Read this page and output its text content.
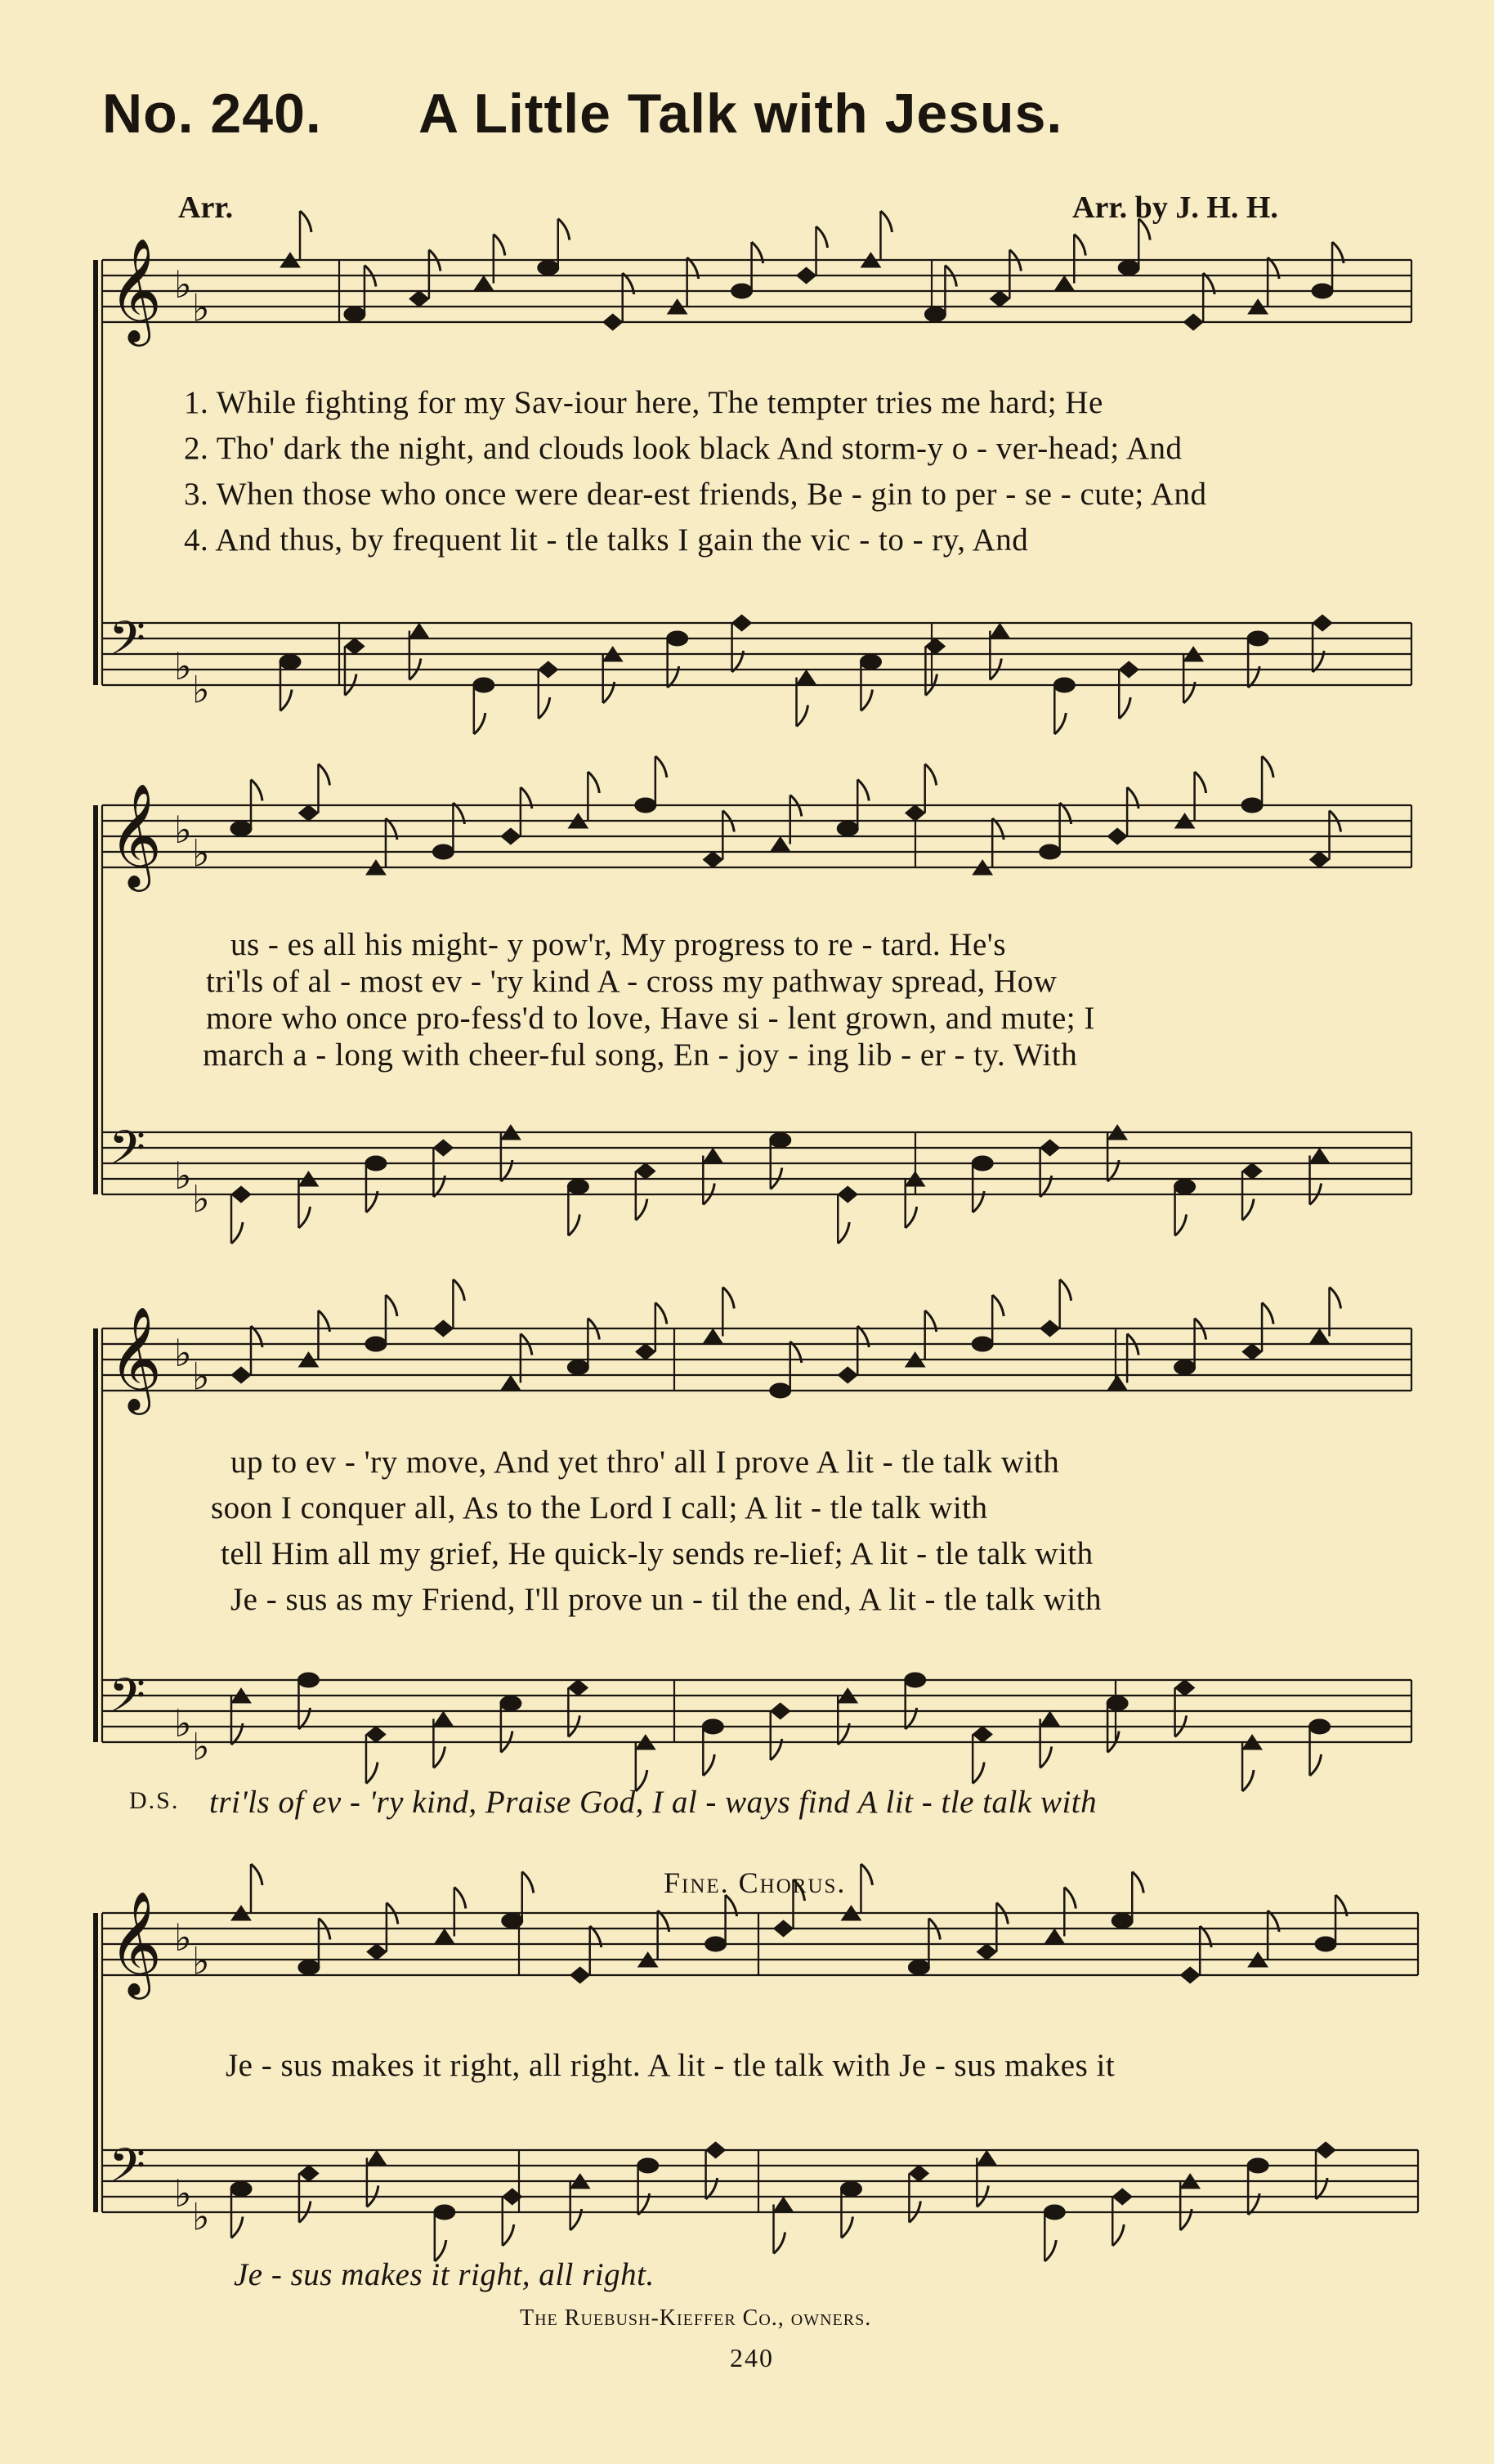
No. 240. A Little Talk with Jesus.
Arr.	Arr. by J. H. H.
𝄞 ♭
♭
𝄢 ♭
♭
𝄞 ♭
♭
𝄢 ♭
♭
𝄞 ♭
♭
𝄢 ♭
♭
𝄞 ♭
♭
𝄢 ♭
♭
1. While fighting for my Sav-iour here, The tempter tries me hard; He
2. Tho' dark the night, and clouds look black And storm-y o - ver-head; And
3. When those who once were dear-est friends, Be - gin to per - se - cute; And
4. And thus, by frequent lit - tle talks I gain the vic - to - ry, And
us - es all his might- y pow'r, My progress to re - tard. He's
tri'ls of al - most ev - 'ry kind A - cross my pathway spread, How
more who once pro-fess'd to love, Have si - lent grown, and mute; I
march a - long with cheer-ful song, En - joy - ing lib - er - ty. With
up to ev - 'ry move, And yet thro' all I prove A lit - tle talk with
soon I conquer all, As to the Lord I call; A lit - tle talk with
tell Him all my grief, He quick-ly sends re-lief; A lit - tle talk with
Je - sus as my Friend, I'll prove un - til the end, A lit - tle talk with
D.S. tri'ls of ev - 'ry kind, Praise God, I al - ways find A lit - tle talk with
Fine. Chorus.
Je - sus makes it right, all right. A lit - tle talk with Je - sus makes it
Je - sus makes it right, all right.
The Ruebush-Kieffer Co., owners.
240
